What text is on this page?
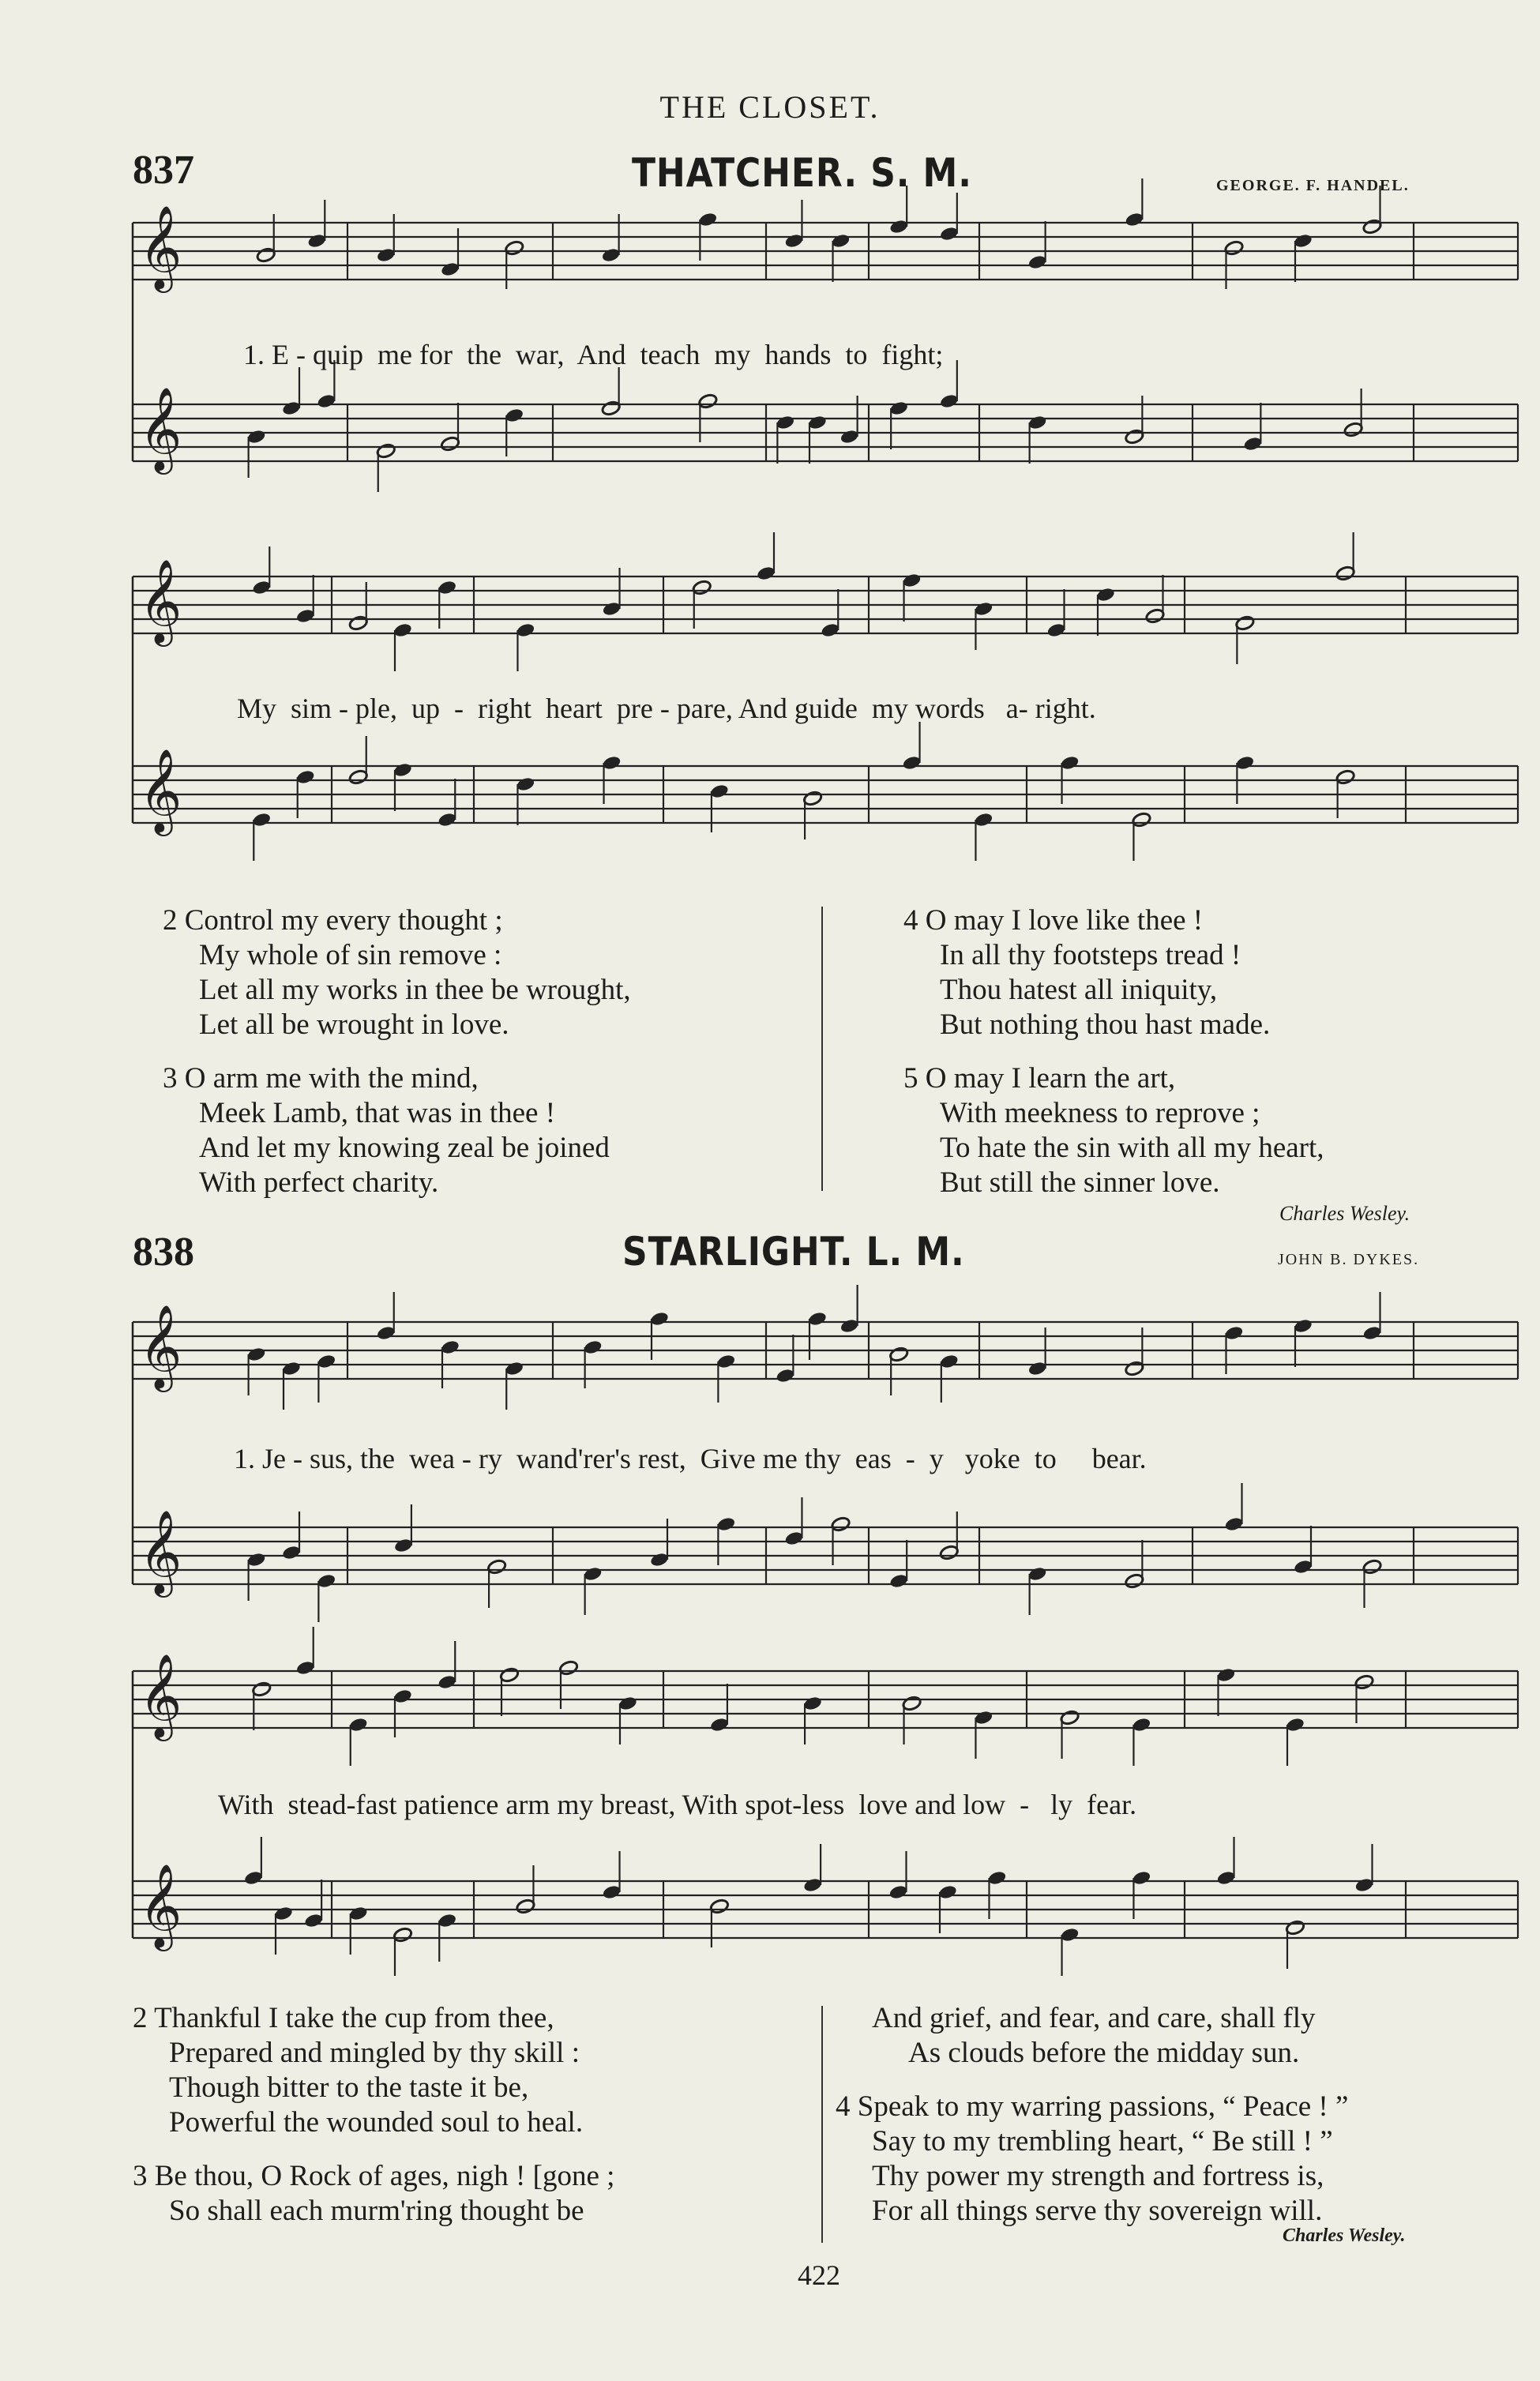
THE CLOSET.
837	THATCHER. S. M.	GEORGE. F. HANDEL.
838	STARLIGHT. L. M.	JOHN B. DYKES.
𝄞
𝄞
𝄞
𝄞
𝄞
𝄞
𝄞
𝄞
1. E - quip  me for  the  war,  And  teach  my  hands  to  fight;
My  sim - ple,  up  -  right  heart  pre - pare, And guide  my words   a- right.
1. Je - sus, the  wea - ry  wand'rer's rest,  Give me thy  eas  -  y   yoke  to     bear.
With  stead-fast patience arm my breast, With spot-less  love and low  -   ly  fear.
2 Control my every thought ;
My whole of sin remove :
Let all my works in thee be wrought,
Let all be wrought in love.
3 O arm me with the mind,
Meek Lamb, that was in thee !
And let my knowing zeal be joined
With perfect charity.
4 O may I love like thee !
In all thy footsteps tread !
Thou hatest all iniquity,
But nothing thou hast made.
5 O may I learn the art,
With meekness to reprove ;
To hate the sin with all my heart,
But still the sinner love.
Charles Wesley.
2 Thankful I take the cup from thee,
Prepared and mingled by thy skill :
Though bitter to the taste it be,
Powerful the wounded soul to heal.
3 Be thou, O Rock of ages, nigh ! [gone ;
So shall each murm'ring thought be
And grief, and fear, and care, shall fly
As clouds before the midday sun.
4 Speak to my warring passions, “ Peace ! ”
Say to my trembling heart, “ Be still ! ”
Thy power my strength and fortress is,
For all things serve thy sovereign will.
Charles Wesley.
422
